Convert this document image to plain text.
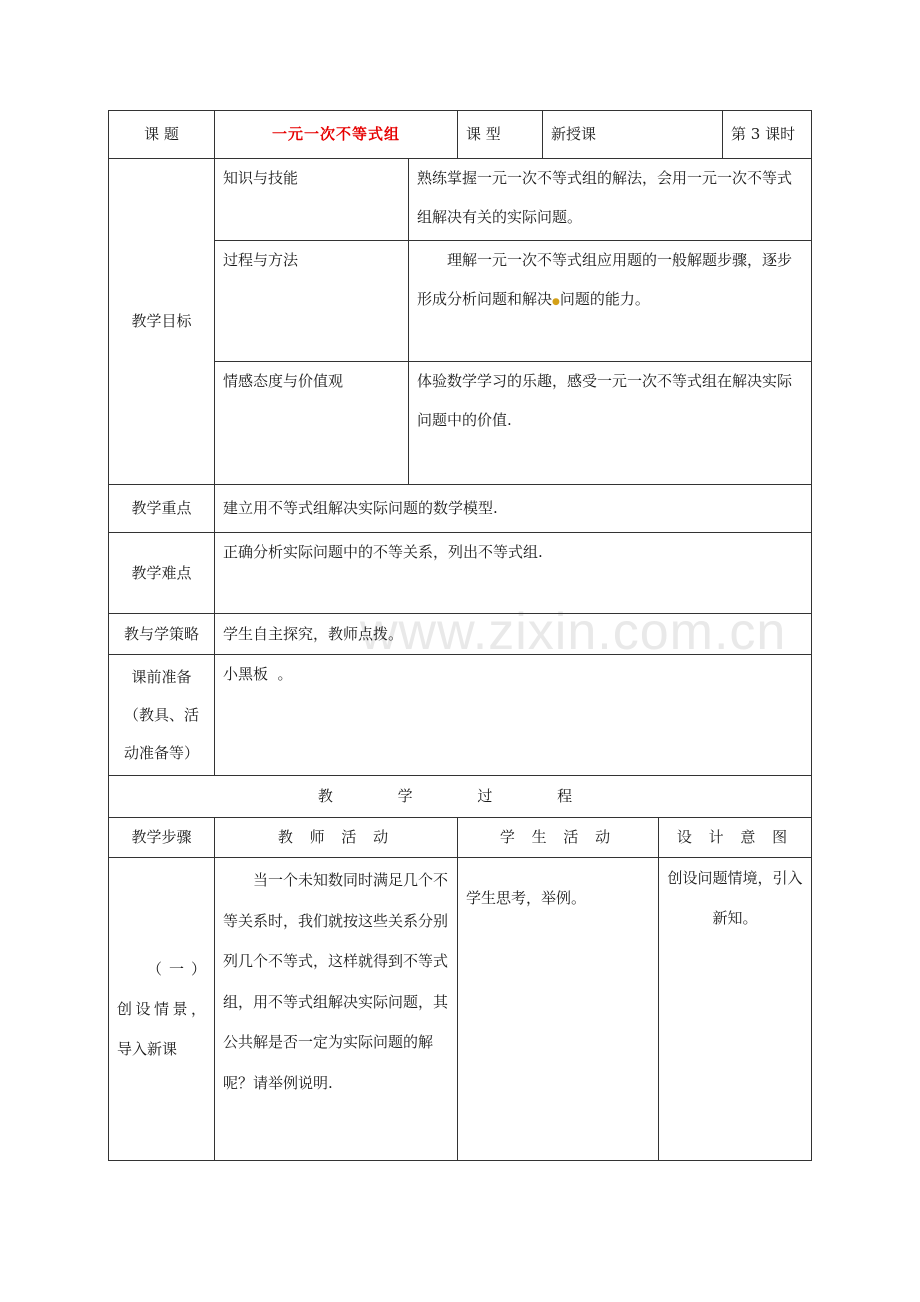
www.zixin.com.cn
课 题	一元一次不等式组		课 型	新授课		第 3 课时
教学目标	知识与技能	熟练掌握一元一次不等式组的解法，会用一元一次不等式组解决有关的实际问题。				
	过程与方法	理解一元一次不等式组应用题的一般解题步骤，逐步形成分析问题和解决●问题的能力。				
	情感态度与价值观	体验数学学习的乐趣，感受一元一次不等式组在解决实际问题中的价值.				
教学重点	建立用不等式组解决实际问题的数学模型.					
教学难点	正确分析实际问题中的不等关系，列出不等式组.					
教与学策略	学生自主探究，教师点拨。					

课前准备
（教具、活
动准备等）	小黑板  。					
教 学 过 程						
教学步骤	教 师 活 动		学 生 活 动		设 计 意 图	
（一）创设情景，导入新课	当一个未知数同时满足几个不等关系时，我们就按这些关系分别列几个不等式，这样就得到不等式组，用不等式组解决实际问题，其公共解是否一定为实际问题的解呢？请举例说明.		学生思考，举例。		创设问题情境，引入新知。	
